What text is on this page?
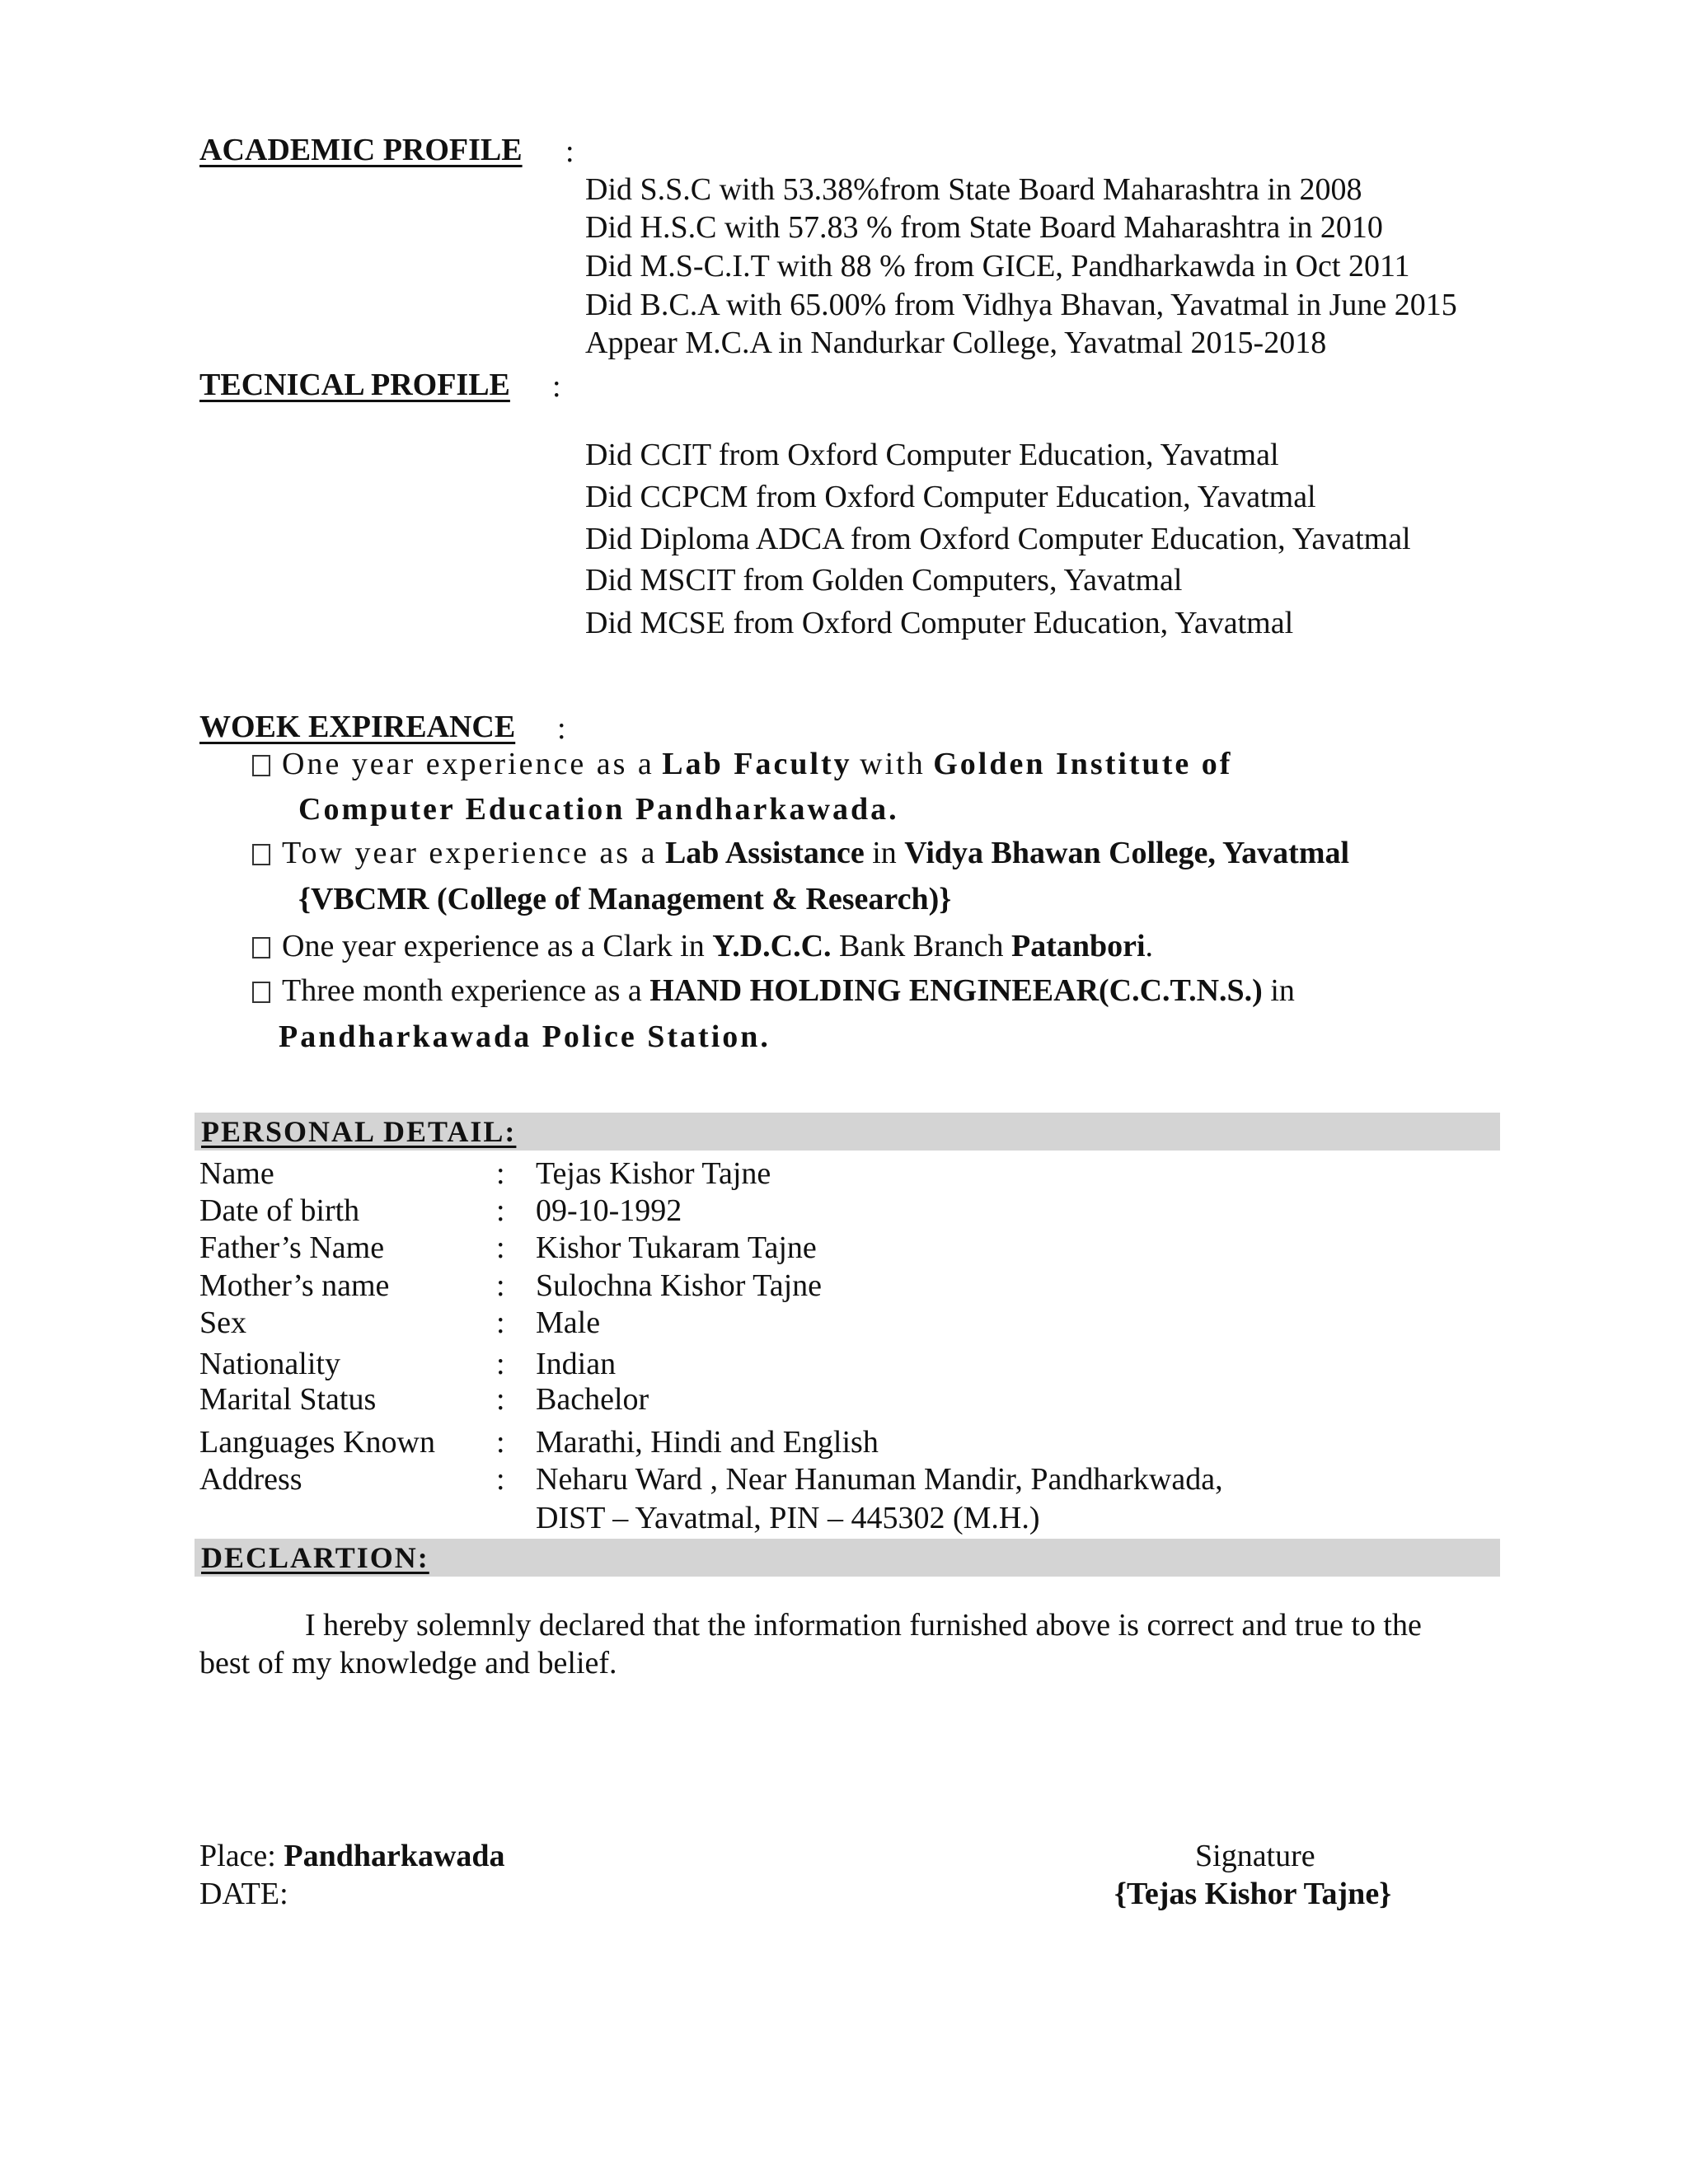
ACADEMIC PROFILE :
Did S.S.C with 53.38%from State Board Maharashtra in 2008
Did H.S.C with 57.83 % from State Board Maharashtra in 2010
Did M.S-C.I.T with 88 % from GICE, Pandharkawda in Oct 2011
Did B.C.A with 65.00% from Vidhya Bhavan, Yavatmal in June 2015
Appear M.C.A in Nandurkar College, Yavatmal 2015-2018
TECNICAL PROFILE :
Did CCIT from Oxford Computer Education, Yavatmal
Did CCPCM from Oxford Computer Education, Yavatmal
Did Diploma ADCA from Oxford Computer Education, Yavatmal
Did MSCIT from Golden Computers, Yavatmal
Did MCSE from Oxford Computer Education, Yavatmal
WOEK EXPIREANCE :
One year experience as a Lab Faculty with Golden Institute of
Computer Education Pandharkawada.
Tow year experience as a Lab Assistance in Vidya Bhawan College, Yavatmal
{VBCMR (College of Management & Research)}
One year experience as a Clark in Y.D.C.C. Bank Branch Patanbori.
Three month experience as a HAND HOLDING ENGINEEAR(C.C.T.N.S.) in
Pandharkawada Police Station.
PERSONAL DETAIL:
Name	: Tejas Kishor Tajne
Date of birth	: 09-10-1992
Father’s Name	: Kishor Tukaram Tajne
Mother’s name	: Sulochna Kishor Tajne
Sex	: Male
Nationality	: Indian
Marital Status	: Bachelor
Languages Known : Marathi, Hindi and English
Address	: Neharu Ward , Near Hanuman Mandir, Pandharkwada,
DIST – Yavatmal, PIN – 445302 (M.H.)
DECLARTION:
I hereby solemnly declared that the information furnished above is correct and true to the
best of my knowledge and belief.
Place: Pandharkawada
DATE:
Signature
{Tejas Kishor Tajne}
